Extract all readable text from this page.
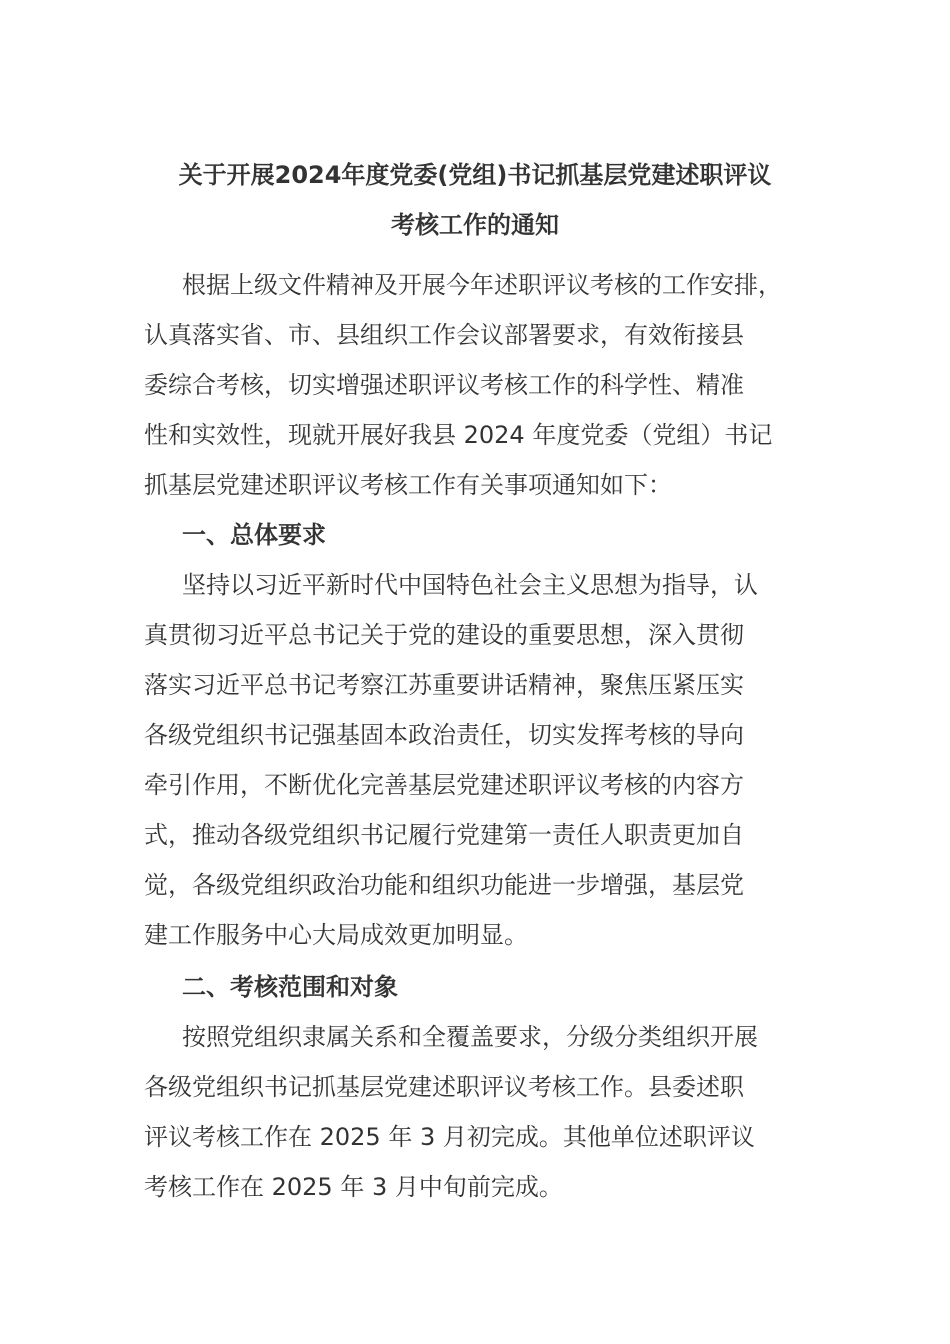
关于开展2024年度党委(党组)书记抓基层党建述职评议
考核工作的通知
根据上级文件精神及开展今年述职评议考核的工作安排，
认真落实省、市、县组织工作会议部署要求，有效衔接县
委综合考核，切实增强述职评议考核工作的科学性、精准
性和实效性，现就开展好我县 2024 年度党委（党组）书记
抓基层党建述职评议考核工作有关事项通知如下：
一、总体要求
坚持以习近平新时代中国特色社会主义思想为指导，认
真贯彻习近平总书记关于党的建设的重要思想，深入贯彻
落实习近平总书记考察江苏重要讲话精神，聚焦压紧压实
各级党组织书记强基固本政治责任，切实发挥考核的导向
牵引作用，不断优化完善基层党建述职评议考核的内容方
式，推动各级党组织书记履行党建第一责任人职责更加自
觉，各级党组织政治功能和组织功能进一步增强，基层党
建工作服务中心大局成效更加明显。
二、考核范围和对象
按照党组织隶属关系和全覆盖要求，分级分类组织开展
各级党组织书记抓基层党建述职评议考核工作。县委述职
评议考核工作在 2025 年 3 月初完成。其他单位述职评议
考核工作在 2025 年 3 月中旬前完成。
